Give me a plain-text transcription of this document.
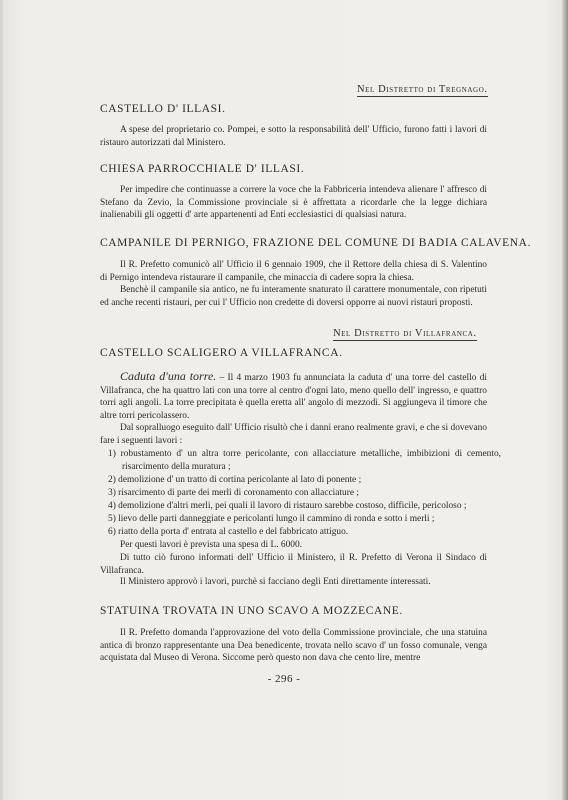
Nel Distretto di Tregnago.
CASTELLO D' ILLASI.

A spese del proprietario co. Pompei, e sotto la responsabilità dell' Ufficio, furono fatti i lavori di ristauro autorizzati dal Ministero.

CHIESA PARROCCHIALE D' ILLASI.

Per impedire che continuasse a correre la voce che la Fabbriceria intendeva alienare l' affresco di Stefano da Zevio, la Commissione provinciale si è affrettata a ricordarle che la legge dichiara inalienabili gli oggetti d' arte appartenenti ad Enti ecclesiastici di qualsiasi natura.

CAMPANILE DI PERNIGO, FRAZIONE DEL COMUNE DI BADIA CALAVENA.

Il R. Prefetto comunicò all' Ufficio il 6 gennaio 1909, che il Rettore della chiesa di S. Valentino di Pernigo intendeva ristaurare il campanile, che minaccia di cadere sopra la chiesa.

Benchè il campanile sia antico, ne fu interamente snaturato il carattere monumentale, con ripetuti ed anche recenti ristauri, per cui l' Ufficio non credette di doversi opporre ai nuovi ristauri proposti.

Nel Distretto di Villafranca.
CASTELLO SCALIGERO A VILLAFRANCA.

Caduta d'una torre. – Il 4 marzo 1903 fu annunciata la caduta d' una torre del castello di Villafranca, che ha quattro lati con una torre al centro d'ogni lato, meno quello dell' ingresso, e quattro torri agli angoli. La torre precipitata è quella eretta all' angolo di mezzodì. Si aggiungeva il timore che altre torri pericolassero.

Dal sopralluogo eseguito dall' Ufficio risultò che i danni erano realmente gravi, e che si dovevano fare i seguenti lavori :

1) robustamento d' un altra torre pericolante, con allacciature metalliche, imbibizioni di cemento, risarcimento della muratura ;

2) demolizione d' un tratto di cortina pericolante al lato di ponente ;

3) risarcimento di parte dei merli di coronamento con allacciature ;

4) demolizione d'altri merli, pei quali il lavoro di ristauro sarebbe costoso, difficile, pericoloso ;

5) lievo delle parti danneggiate e pericolanti lungo il cammino di ronda e sotto i merli ;

6) riatto della porta d' entrata al castello e del fabbricato attiguo.

Per questi lavori è prevista una spesa di L. 6000.

Di tutto ciò furono informati dell' Ufficio il Ministero, il R. Prefetto di Verona il Sindaco di Villafranca.

Il Ministero approvò i lavori, purchè si facciano degli Enti direttamente interessati.

STATUINA TROVATA IN UNO SCAVO A MOZZECANE.

Il R. Prefetto domanda l'approvazione del voto della Commissione provinciale, che una statuina antica di bronzo rappresentante una Dea benedicente, trovata nello scavo d' un fosso comunale, venga acquistata dal Museo di Verona. Siccome però questo non dava che cento lire, mentre

- 296 -
